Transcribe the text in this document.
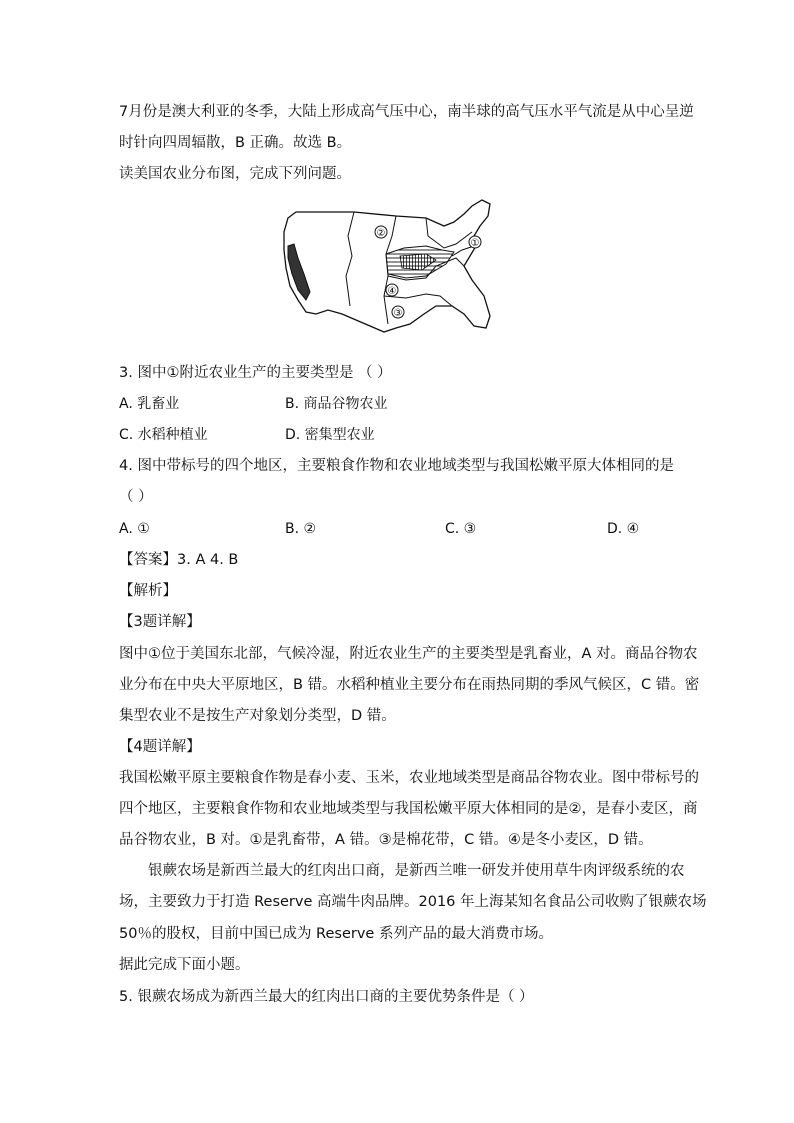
7月份是澳大利亚的冬季，大陆上形成高气压中心，南半球的高气压水平气流是从中心呈逆
时针向四周辐散，B 正确。故选 B。
读美国农业分布图，完成下列问题。
①
②
③
④
3. 图中①附近农业生产的主要类型是 （ ）
A. 乳畜业	B. 商品谷物农业
C. 水稻种植业	D. 密集型农业
4. 图中带标号的四个地区，主要粮食作物和农业地域类型与我国松嫩平原大体相同的是
（ ）
A. ①	B. ②	C. ③	D. ④
【答案】3. A 4. B
【解析】
【3题详解】
图中①位于美国东北部，气候冷湿，附近农业生产的主要类型是乳畜业，A 对。商品谷物农
业分布在中央大平原地区，B 错。水稻种植业主要分布在雨热同期的季风气候区，C 错。密
集型农业不是按生产对象划分类型，D 错。
【4题详解】
我国松嫩平原主要粮食作物是春小麦、玉米，农业地域类型是商品谷物农业。图中带标号的
四个地区，主要粮食作物和农业地域类型与我国松嫩平原大体相同的是②，是春小麦区，商
品谷物农业，B 对。①是乳畜带，A 错。③是棉花带，C 错。④是冬小麦区，D 错。
银蕨农场是新西兰最大的红肉出口商，是新西兰唯一研发并使用草牛肉评级系统的农
场，主要致力于打造 Reserve 高端牛肉品牌。2016 年上海某知名食品公司收购了银蕨农场
50％的股权，目前中国已成为 Reserve 系列产品的最大消费市场。
据此完成下面小题。
5. 银蕨农场成为新西兰最大的红肉出口商的主要优势条件是（ ）
